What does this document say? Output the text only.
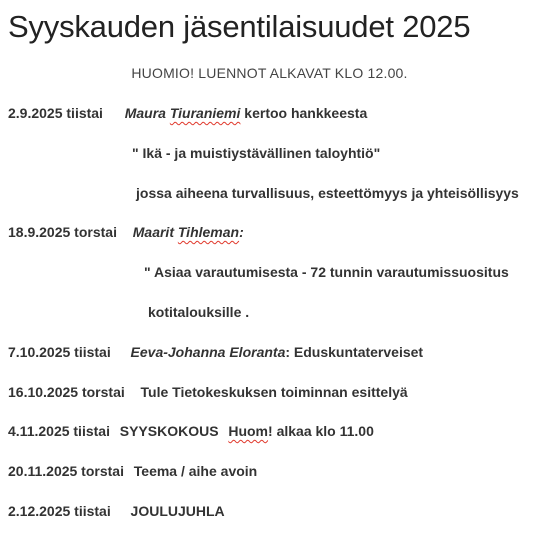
Syyskauden jäsentilaisuudet 2025
HUOMIO! LUENNOT ALKAVAT KLO 12.00.
2.9.2025 tiistai Maura Tiuraniemi kertoo hankkeesta
" Ikä - ja muistiystävällinen taloyhtiö"
jossa aiheena turvallisuus, esteettömyys ja yhteisöllisyys
18.9.2025 torstai Maarit Tihleman:
" Asiaa varautumisesta - 72 tunnin varautumissuositus
kotitalouksille .
7.10.2025 tiistai Eeva-Johanna Eloranta: Eduskuntaterveiset
16.10.2025 torstai Tule Tietokeskuksen toiminnan esittelyä
4.11.2025 tiistai SYYSKOKOUS Huom! alkaa klo 11.00
20.11.2025 torstai Teema / aihe avoin
2.12.2025 tiistai JOULUJUHLA
